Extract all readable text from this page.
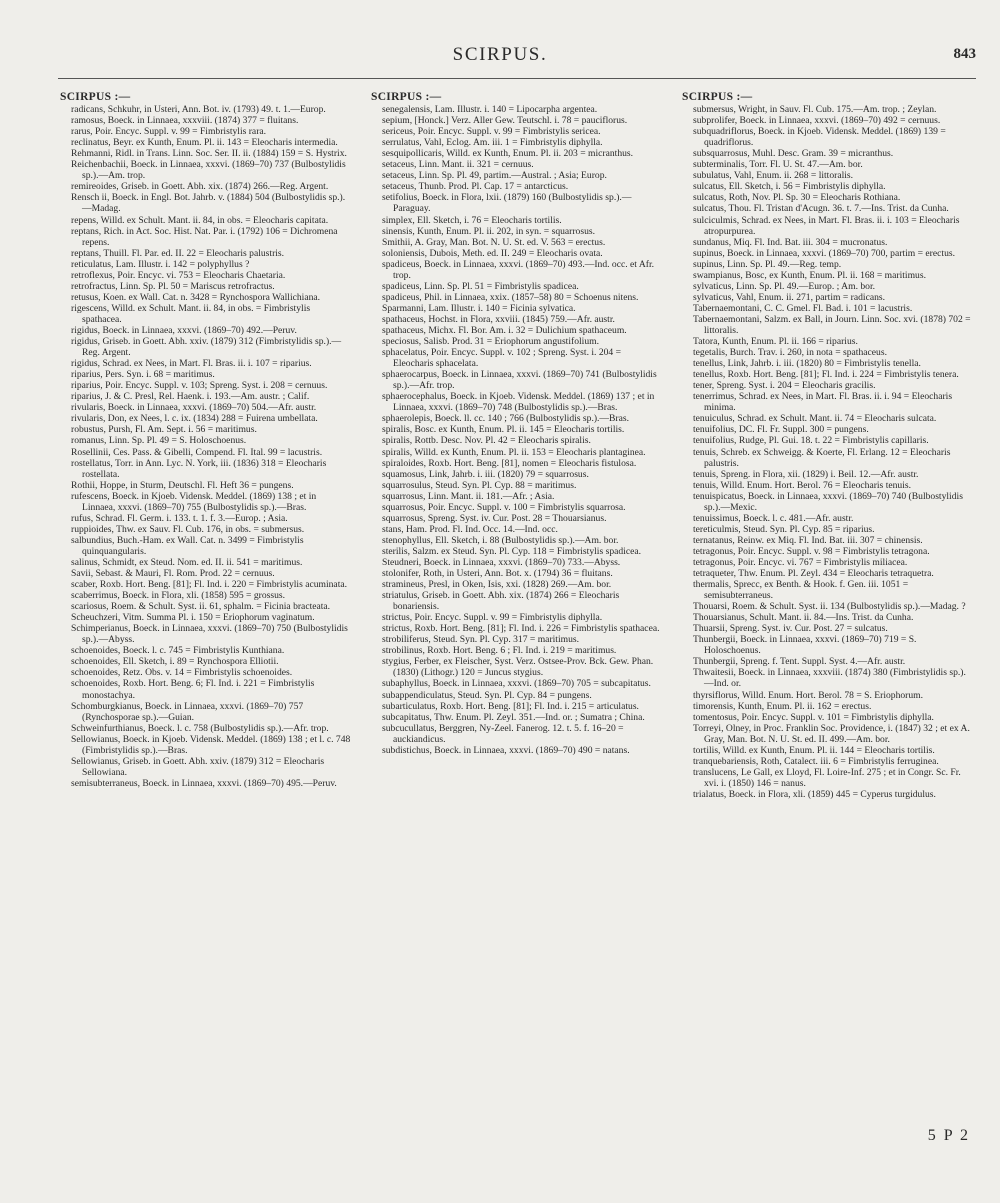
SCIRPUS.	843
SCIRPUS :—
radicans, Schkuhr, in Usteri, Ann. Bot. iv. (1793) 49. t. 1.—Europ.
ramosus, Boeck. in Linnaea, xxxviii. (1874) 377 = fluitans.
rarus, Poir. Encyc. Suppl. v. 99 = Fimbristylis rara.
reclinatus, Beyr. ex Kunth, Enum. Pl. ii. 143 = Eleocharis intermedia.
Rehmanni, Ridl. in Trans. Linn. Soc. Ser. II. ii. (1884) 159 = S. Hystrix.
Reichenbachii, Boeck. in Linnaea, xxxvi. (1869–70) 737 (Bulbostylidis sp.).—Am. trop.
remireoides, Griseb. in Goett. Abh. xix. (1874) 266.—Reg. Argent.
Rensch ii, Boeck. in Engl. Bot. Jahrb. v. (1884) 504 (Bulbostylidis sp.).—Madag.
repens, Willd. ex Schult. Mant. ii. 84, in obs. = Eleocharis capitata.
reptans, Rich. in Act. Soc. Hist. Nat. Par. i. (1792) 106 = Dichromena repens.
reptans, Thuill. Fl. Par. ed. II. 22 = Eleocharis palustris.
reticulatus, Lam. Illustr. i. 142 = polyphyllus ?
retroflexus, Poir. Encyc. vi. 753 = Eleocharis Chaetaria.
retrofractus, Linn. Sp. Pl. 50 = Mariscus retrofractus.
retusus, Koen. ex Wall. Cat. n. 3428 = Rynchospora Wallichiana.
rigescens, Willd. ex Schult. Mant. ii. 84, in obs. = Fimbristylis spathacea.
rigidus, Boeck. in Linnaea, xxxvi. (1869–70) 492.—Peruv.
rigidus, Griseb. in Goett. Abh. xxiv. (1879) 312 (Fimbristylidis sp.).—Reg. Argent.
rigidus, Schrad. ex Nees, in Mart. Fl. Bras. ii. i. 107 = riparius.
riparius, Pers. Syn. i. 68 = maritimus.
riparius, Poir. Encyc. Suppl. v. 103; Spreng. Syst. i. 208 = cernuus.
riparius, J. & C. Presl, Rel. Haenk. i. 193.—Am. austr. ; Calif.
rivularis, Boeck. in Linnaea, xxxvi. (1869–70) 504.—Afr. austr.
rivularis, Don, ex Nees, l. c. ix. (1834) 288 = Fuirena umbellata.
robustus, Pursh, Fl. Am. Sept. i. 56 = maritimus.
romanus, Linn. Sp. Pl. 49 = S. Holoschoenus.
Rosellinii, Ces. Pass. & Gibelli, Compend. Fl. Ital. 99 = lacustris.
rostellatus, Torr. in Ann. Lyc. N. York, iii. (1836) 318 = Eleocharis rostellata.
Rothii, Hoppe, in Sturm, Deutschl. Fl. Heft 36 = pungens.
rufescens, Boeck. in Kjoeb. Vidensk. Meddel. (1869) 138 ; et in Linnaea, xxxvi. (1869–70) 755 (Bulbostylidis sp.).—Bras.
rufus, Schrad. Fl. Germ. i. 133. t. 1. f. 3.—Europ. ; Asia.
ruppioides, Thw. ex Sauv. Fl. Cub. 176, in obs. = submersus.
salbundius, Buch.-Ham. ex Wall. Cat. n. 3499 = Fimbristylis quinquangularis.
salinus, Schmidt, ex Steud. Nom. ed. II. ii. 541 = maritimus.
Savii, Sebast. & Mauri, Fl. Rom. Prod. 22 = cernuus.
scaber, Roxb. Hort. Beng. [81]; Fl. Ind. i. 220 = Fimbristylis acuminata.
scaberrimus, Boeck. in Flora, xli. (1858) 595 = grossus.
scariosus, Roem. & Schult. Syst. ii. 61, sphalm. = Ficinia bracteata.
Scheuchzeri, Vitm. Summa Pl. i. 150 = Eriophorum vaginatum.
Schimperianus, Boeck. in Linnaea, xxxvi. (1869–70) 750 (Bulbostylidis sp.).—Abyss.
schoenoides, Boeck. l. c. 745 = Fimbristylis Kunthiana.
schoenoides, Ell. Sketch, i. 89 = Rynchospora Elliotii.
schoenoides, Retz. Obs. v. 14 = Fimbristylis schoenoides.
schoenoides, Roxb. Hort. Beng. 6; Fl. Ind. i. 221 = Fimbristylis monostachya.
Schomburgkianus, Boeck. in Linnaea, xxxvi. (1869–70) 757 (Rynchosporae sp.).—Guian.
Schweinfurthianus, Boeck. l. c. 758 (Bulbostylidis sp.).—Afr. trop.
Sellowianus, Boeck. in Kjoeb. Vidensk. Meddel. (1869) 138 ; et l. c. 748 (Fimbristylidis sp.).—Bras.
Sellowianus, Griseb. in Goett. Abh. xxiv. (1879) 312 = Eleocharis Sellowiana.
semisubterraneus, Boeck. in Linnaea, xxxvi. (1869–70) 495.—Peruv.
SCIRPUS :—
senegalensis, Lam. Illustr. i. 140 = Lipocarpha argentea.
sepium, [Honck.] Verz. Aller Gew. Teutschl. i. 78 = pauciflorus.
sericeus, Poir. Encyc. Suppl. v. 99 = Fimbristylis sericea.
serrulatus, Vahl, Eclog. Am. iii. 1 = Fimbristylis diphylla.
sesquipollicaris, Willd. ex Kunth, Enum. Pl. ii. 203 = micranthus.
setaceus, Linn. Mant. ii. 321 = cernuus.
setaceus, Linn. Sp. Pl. 49, partim.—Austral. ; Asia; Europ.
setaceus, Thunb. Prod. Pl. Cap. 17 = antarcticus.
setifolius, Boeck. in Flora, lxii. (1879) 160 (Bulbostylidis sp.).—Paraguay.
simplex, Ell. Sketch, i. 76 = Eleocharis tortilis.
sinensis, Kunth, Enum. Pl. ii. 202, in syn. = squarrosus.
Smithii, A. Gray, Man. Bot. N. U. St. ed. V. 563 = erectus.
soloniensis, Dubois, Meth. ed. II. 249 = Eleocharis ovata.
spadiceus, Boeck. in Linnaea, xxxvi. (1869–70) 493.—Ind. occ. et Afr. trop.
spadiceus, Linn. Sp. Pl. 51 = Fimbristylis spadicea.
spadiceus, Phil. in Linnaea, xxix. (1857–58) 80 = Schoenus nitens.
Sparmanni, Lam. Illustr. i. 140 = Ficinia sylvatica.
spathaceus, Hochst. in Flora, xxviii. (1845) 759.—Afr. austr.
spathaceus, Michx. Fl. Bor. Am. i. 32 = Dulichium spathaceum.
speciosus, Salisb. Prod. 31 = Eriophorum angustifolium.
sphacelatus, Poir. Encyc. Suppl. v. 102 ; Spreng. Syst. i. 204 = Eleocharis sphacelata.
sphaerocarpus, Boeck. in Linnaea, xxxvi. (1869–70) 741 (Bulbostylidis sp.).—Afr. trop.
sphaerocephalus, Boeck. in Kjoeb. Vidensk. Meddel. (1869) 137 ; et in Linnaea, xxxvi. (1869–70) 748 (Bulbostylidis sp.).—Bras.
sphaerolepis, Boeck. ll. cc. 140 ; 766 (Bulbostylidis sp.).—Bras.
spiralis, Bosc. ex Kunth, Enum. Pl. ii. 145 = Eleocharis tortilis.
spiralis, Rottb. Desc. Nov. Pl. 42 = Eleocharis spiralis.
spiralis, Willd. ex Kunth, Enum. Pl. ii. 153 = Eleocharis plantaginea.
spiraloides, Roxb. Hort. Beng. [81], nomen = Eleocharis fistulosa.
squamosus, Link, Jahrb. i. iii. (1820) 79 = squarrosus.
squarrosulus, Steud. Syn. Pl. Cyp. 88 = maritimus.
squarrosus, Linn. Mant. ii. 181.—Afr. ; Asia.
squarrosus, Poir. Encyc. Suppl. v. 100 = Fimbristylis squarrosa.
squarrosus, Spreng. Syst. iv. Cur. Post. 28 = Thouarsianus.
stans, Ham. Prod. Fl. Ind. Occ. 14.—Ind. occ.
stenophyllus, Ell. Sketch, i. 88 (Bulbostylidis sp.).—Am. bor.
sterilis, Salzm. ex Steud. Syn. Pl. Cyp. 118 = Fimbristylis spadicea.
Steudneri, Boeck. in Linnaea, xxxvi. (1869–70) 733.—Abyss.
stolonifer, Roth, in Usteri, Ann. Bot. x. (1794) 36 = fluitans.
stramineus, Presl, in Oken, Isis, xxi. (1828) 269.—Am. bor.
striatulus, Griseb. in Goett. Abh. xix. (1874) 266 = Eleocharis bonariensis.
strictus, Poir. Encyc. Suppl. v. 99 = Fimbristylis diphylla.
strictus, Roxb. Hort. Beng. [81]; Fl. Ind. i. 226 = Fimbristylis spathacea.
strobiliferus, Steud. Syn. Pl. Cyp. 317 = maritimus.
strobilinus, Roxb. Hort. Beng. 6 ; Fl. Ind. i. 219 = maritimus.
stygius, Ferber, ex Fleischer, Syst. Verz. Ostsee-Prov. Bck. Gew. Phan. (1830) (Lithogr.) 120 = Juncus stygius.
subaphyllus, Boeck. in Linnaea, xxxvi. (1869–70) 705 = subcapitatus.
subappendiculatus, Steud. Syn. Pl. Cyp. 84 = pungens.
subarticulatus, Roxb. Hort. Beng. [81]; Fl. Ind. i. 215 = articulatus.
subcapitatus, Thw. Enum. Pl. Zeyl. 351.—Ind. or. ; Sumatra ; China.
subcucullatus, Berggren, Ny-Zeel. Fanerog. 12. t. 5. f. 16–20 = auckiandicus.
subdistichus, Boeck. in Linnaea, xxxvi. (1869–70) 490 = natans.
SCIRPUS :—
submersus, Wright, in Sauv. Fl. Cub. 175.—Am. trop. ; Zeylan.
subprolifer, Boeck. in Linnaea, xxxvi. (1869–70) 492 = cernuus.
subquadriflorus, Boeck. in Kjoeb. Vidensk. Meddel. (1869) 139 = quadriflorus.
subsquarrosus, Muhl. Desc. Gram. 39 = micranthus.
subterminalis, Torr. Fl. U. St. 47.—Am. bor.
subulatus, Vahl, Enum. ii. 268 = littoralis.
sulcatus, Ell. Sketch, i. 56 = Fimbristylis diphylla.
sulcatus, Roth, Nov. Pl. Sp. 30 = Eleocharis Rothiana.
sulcatus, Thou. Fl. Tristan d'Acugn. 36. t. 7.—Ins. Trist. da Cunha.
sulciculmis, Schrad. ex Nees, in Mart. Fl. Bras. ii. i. 103 = Eleocharis atropurpurea.
sundanus, Miq. Fl. Ind. Bat. iii. 304 = mucronatus.
supinus, Boeck. in Linnaea, xxxvi. (1869–70) 700, partim = erectus.
supinus, Linn. Sp. Pl. 49.—Reg. temp.
swampianus, Bosc, ex Kunth, Enum. Pl. ii. 168 = maritimus.
sylvaticus, Linn. Sp. Pl. 49.—Europ. ; Am. bor.
sylvaticus, Vahl, Enum. ii. 271, partim = radicans.
Tabernaemontani, C. C. Gmel. Fl. Bad. i. 101 = lacustris.
Tabernaemontani, Salzm. ex Ball, in Journ. Linn. Soc. xvi. (1878) 702 = littoralis.
Tatora, Kunth, Enum. Pl. ii. 166 = riparius.
tegetalis, Burch. Trav. i. 260, in nota = spathaceus.
tenellus, Link, Jahrb. i. iii. (1820) 80 = Fimbristylis tenella.
tenellus, Roxb. Hort. Beng. [81]; Fl. Ind. i. 224 = Fimbristylis tenera.
tener, Spreng. Syst. i. 204 = Eleocharis gracilis.
tenerrimus, Schrad. ex Nees, in Mart. Fl. Bras. ii. i. 94 = Eleocharis minima.
tenuiculus, Schrad. ex Schult. Mant. ii. 74 = Eleocharis sulcata.
tenuifolius, DC. Fl. Fr. Suppl. 300 = pungens.
tenuifolius, Rudge, Pl. Gui. 18. t. 22 = Fimbristylis capillaris.
tenuis, Schreb. ex Schweigg. & Koerte, Fl. Erlang. 12 = Eleocharis palustris.
tenuis, Spreng. in Flora, xii. (1829) i. Beil. 12.—Afr. austr.
tenuis, Willd. Enum. Hort. Berol. 76 = Eleocharis tenuis.
tenuispicatus, Boeck. in Linnaea, xxxvi. (1869–70) 740 (Bulbostylidis sp.).—Mexic.
tenuissimus, Boeck. l. c. 481.—Afr. austr.
tereticulmis, Steud. Syn. Pl. Cyp. 85 = riparius.
ternatanus, Reinw. ex Miq. Fl. Ind. Bat. iii. 307 = chinensis.
tetragonus, Poir. Encyc. Suppl. v. 98 = Fimbristylis tetragona.
tetragonus, Poir. Encyc. vi. 767 = Fimbristylis miliacea.
tetraqueter, Thw. Enum. Pl. Zeyl. 434 = Eleocharis tetraquetra.
thermalis, Sprecc, ex Benth. & Hook. f. Gen. iii. 1051 = semisubterraneus.
Thouarsi, Roem. & Schult. Syst. ii. 134 (Bulbostylidis sp.).—Madag. ?
Thouarsianus, Schult. Mant. ii. 84.—Ins. Trist. da Cunha.
Thuarsii, Spreng. Syst. iv. Cur. Post. 27 = sulcatus.
Thunbergii, Boeck. in Linnaea, xxxvi. (1869–70) 719 = S. Holoschoenus.
Thunbergii, Spreng. f. Tent. Suppl. Syst. 4.—Afr. austr.
Thwaitesii, Boeck. in Linnaea, xxxviii. (1874) 380 (Fimbristylidis sp.).—Ind. or.
thyrsiflorus, Willd. Enum. Hort. Berol. 78 = S. Eriophorum.
timorensis, Kunth, Enum. Pl. ii. 162 = erectus.
tomentosus, Poir. Encyc. Suppl. v. 101 = Fimbristylis diphylla.
Torreyi, Olney, in Proc. Franklin Soc. Providence, i. (1847) 32 ; et ex A. Gray, Man. Bot. N. U. St. ed. II. 499.—Am. bor.
tortilis, Willd. ex Kunth, Enum. Pl. ii. 144 = Eleocharis tortilis.
tranquebariensis, Roth, Catalect. iii. 6 = Fimbristylis ferruginea.
translucens, Le Gall, ex Lloyd, Fl. Loire-Inf. 275 ; et in Congr. Sc. Fr. xvi. i. (1850) 146 = nanus.
trialatus, Boeck. in Flora, xli. (1859) 445 = Cyperus turgidulus.
5 P 2
